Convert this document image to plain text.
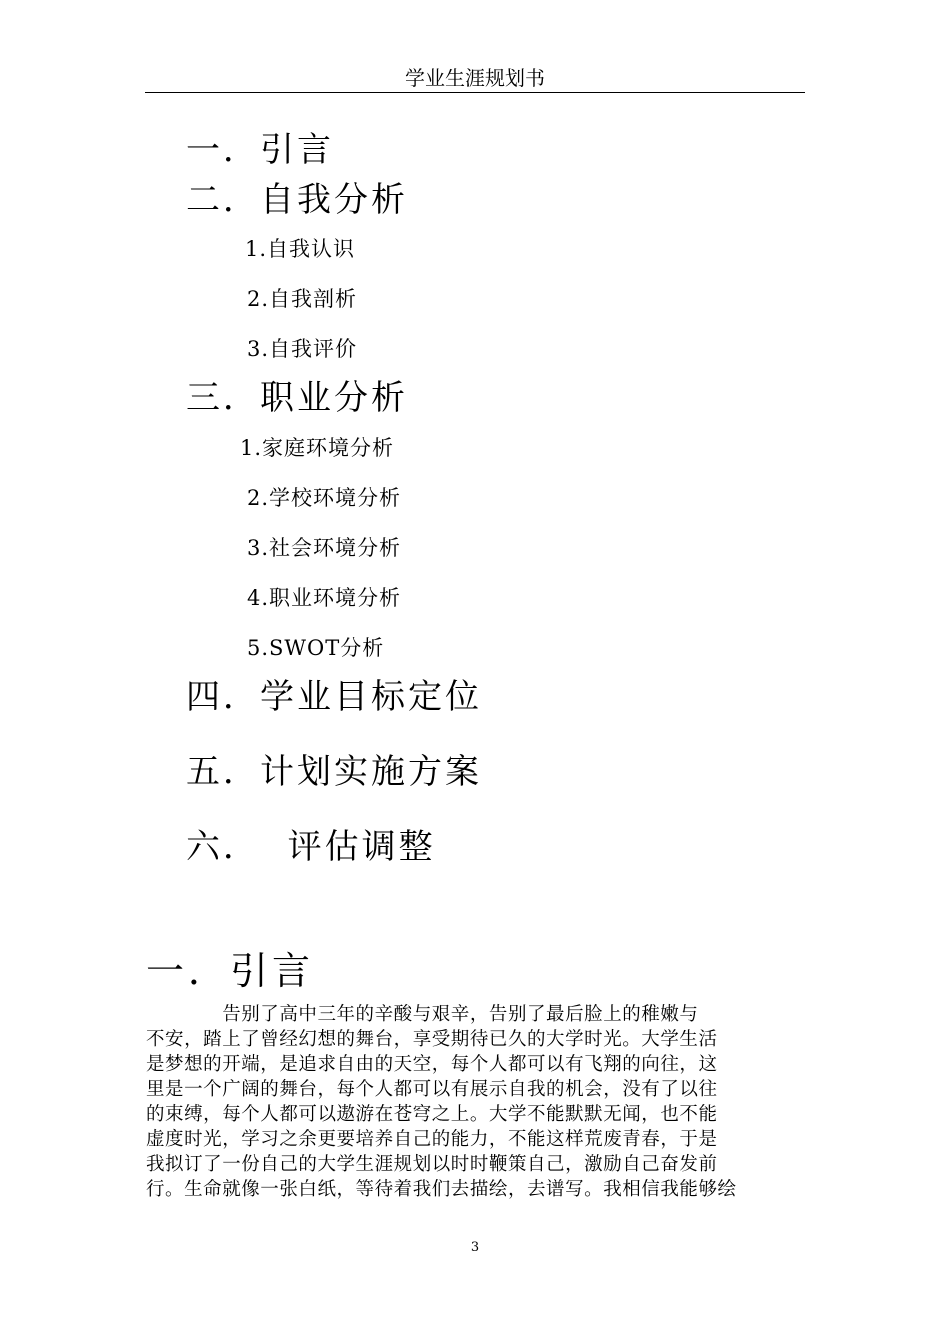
学业生涯规划书
一．引言
二．自我分析
1.自我认识
2.自我剖析
3.自我评价
三．职业分析
1.家庭环境分析
2.学校环境分析
3.社会环境分析
4.职业环境分析
5.SWOT分析
四．学业目标定位
五．计划实施方案
六．  评估调整
一．引言
　　　　告别了高中三年的辛酸与艰辛，告别了最后脸上的稚嫩与
不安，踏上了曾经幻想的舞台，享受期待已久的大学时光。大学生活
是梦想的开端，是追求自由的天空，每个人都可以有飞翔的向往，这
里是一个广阔的舞台，每个人都可以有展示自我的机会，没有了以往
的束缚，每个人都可以遨游在苍穹之上。大学不能默默无闻，也不能
虚度时光，学习之余更要培养自己的能力，不能这样荒废青春，于是
我拟订了一份自己的大学生涯规划以时时鞭策自己，激励自己奋发前
行。生命就像一张白纸，等待着我们去描绘，去谱写。我相信我能够绘
3
